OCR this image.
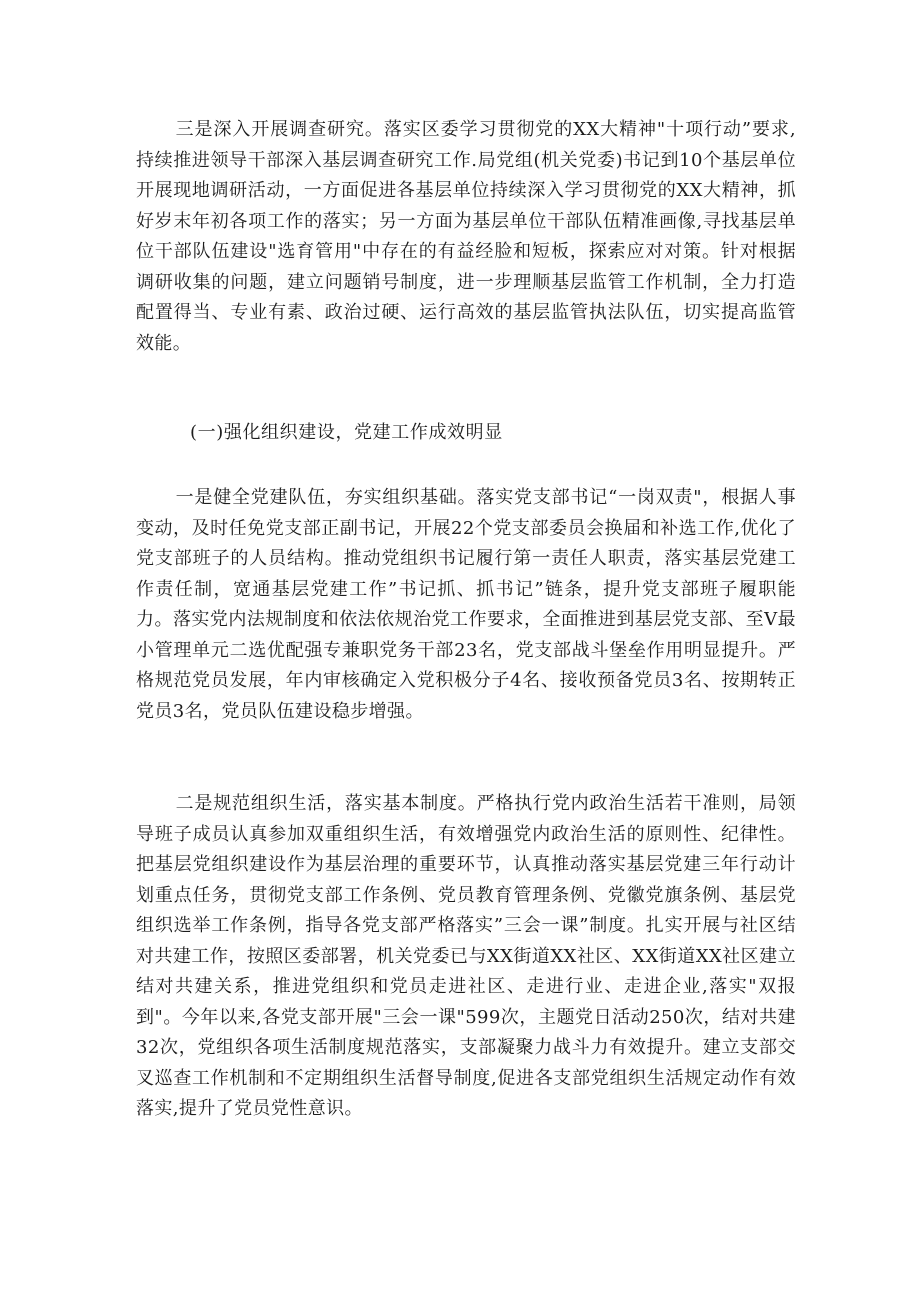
三是深入开展调查研究。落实区委学习贯彻党的XX大精神"十项行动”要求,持续推进领导干部深入基层调查研究工作.局党组(机关党委)书记到10个基层单位开展现地调研活动，一方面促进各基层单位持续深入学习贯彻党的XX大精神，抓好岁末年初各项工作的落实；另一方面为基层单位干部队伍精准画像,寻找基层单位干部队伍建设"选育管用"中存在的有益经脸和短板，探索应对对策。针对根据调研收集的问题，建立问题销号制度，进一步理顺基层监管工作机制，全力打造配置得当、专业有素、政治过硬、运行高效的基层监管执法队伍，切实提高监管效能。

(一)强化组织建设，党建工作成效明显

一是健全党建队伍，夯实组织基础。落实党支部书记“一岗双责"，根据人事变动，及时任免党支部正副书记，开展22个党支部委员会换届和补选工作,优化了党支部班子的人员结构。推动党组织书记履行第一责任人职责，落实基层党建工作责任制，宽通基层党建工作”书记抓、抓书记”链条，提升党支部班子履职能力。落实党内法规制度和依法依规治党工作要求，全面推进到基层党支部、至V最小管理单元二选优配强专兼职党务干部23名，党支部战斗堡垒作用明显提升。严格规范党员发展，年内审核确定入党积极分子4名、接收预备党员3名、按期转正党员3名，党员队伍建设稳步增强。

二是规范组织生活，落实基本制度。严格执行党内政治生活若干准则，局领导班子成员认真参加双重组织生活，有效增强党内政治生活的原则性、纪律性。把基层党组织建设作为基层治理的重要环节，认真推动落实基层党建三年行动计划重点任务，贯彻党支部工作条例、党员教育管理条例、党徽党旗条例、基层党组织选举工作条例，指导各党支部严格落实”三会一课”制度。扎实开展与社区结对共建工作，按照区委部署，机关党委已与XX街道XX社区、XX街道XX社区建立结对共建关系，推进党组织和党员走进社区、走进行业、走进企业,落实"双报到"。今年以来,各党支部开展"三会一课"599次，主题党日活动250次，结对共建32次，党组织各项生活制度规范落实，支部凝聚力战斗力有效提升。建立支部交叉巡查工作机制和不定期组织生活督导制度,促进各支部党组织生活规定动作有效落实,提升了党员党性意识。
